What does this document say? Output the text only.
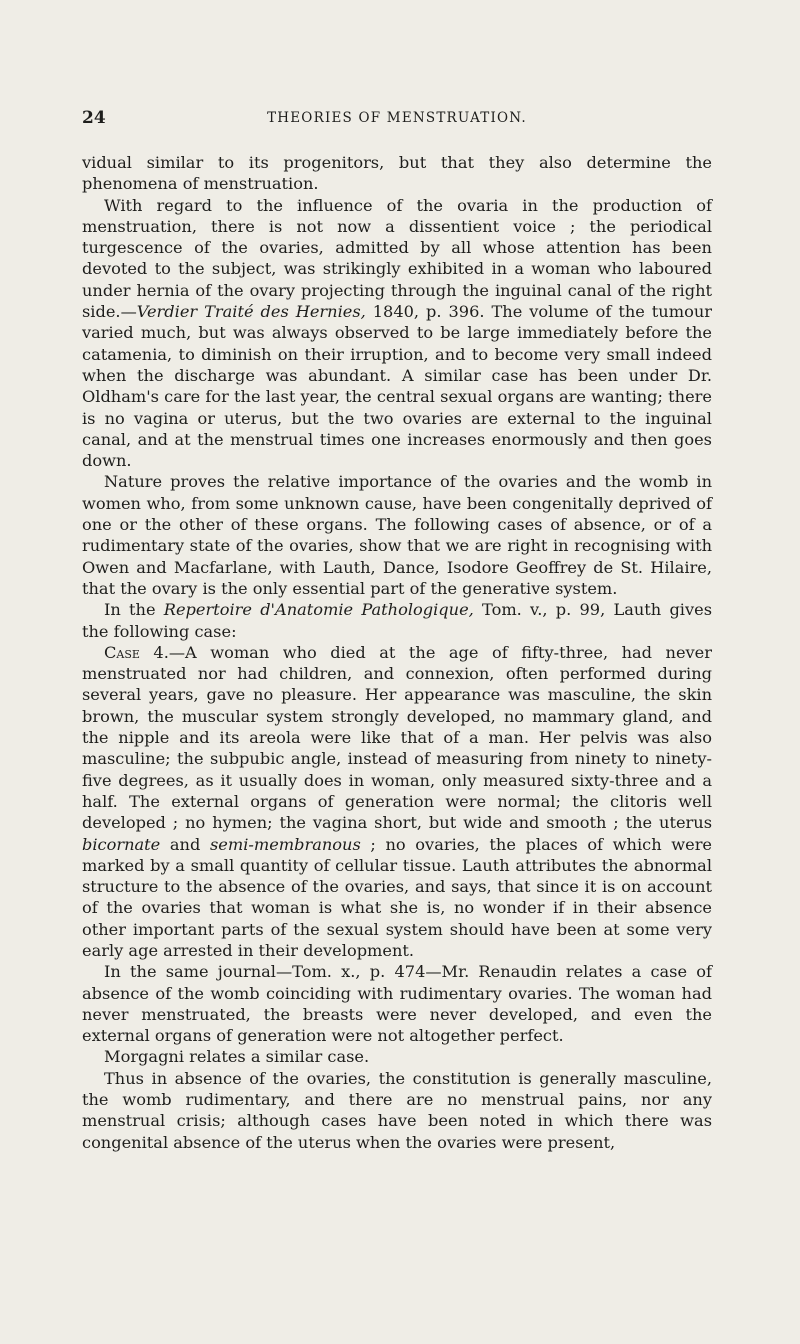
24	THEORIES OF MENSTRUATION.

vidual similar to its progenitors, but that they also determine the phenomena of menstruation.

With regard to the influence of the ovaria in the production of menstruation, there is not now a dissentient voice ; the periodical turgescence of the ovaries, admitted by all whose attention has been devoted to the subject, was strikingly exhibited in a woman who laboured under hernia of the ovary projecting through the inguinal canal of the right side.—Verdier Traité des Hernies, 1840, p. 396. The volume of the tumour varied much, but was always observed to be large immediately before the catamenia, to diminish on their irruption, and to become very small indeed when the discharge was abundant. A similar case has been under Dr. Oldham's care for the last year, the central sexual organs are wanting; there is no vagina or uterus, but the two ovaries are external to the inguinal canal, and at the menstrual times one increases enormously and then goes down.

Nature proves the relative importance of the ovaries and the womb in women who, from some unknown cause, have been congenitally deprived of one or the other of these organs. The following cases of absence, or of a rudimentary state of the ovaries, show that we are right in recognising with Owen and Macfarlane, with Lauth, Dance, Isodore Geoffrey de St. Hilaire, that the ovary is the only essential part of the generative system.

In the Repertoire d'Anatomie Pathologique, Tom. v., p. 99, Lauth gives the following case:

Case 4.—A woman who died at the age of fifty-three, had never menstruated nor had children, and connexion, often performed during several years, gave no pleasure. Her appearance was masculine, the skin brown, the muscular system strongly developed, no mammary gland, and the nipple and its areola were like that of a man. Her pelvis was also masculine; the subpubic angle, instead of measuring from ninety to ninety-five degrees, as it usually does in woman, only measured sixty-three and a half. The external organs of generation were normal; the clitoris well developed ; no hymen; the vagina short, but wide and smooth ; the uterus bicornate and semi-membranous ; no ovaries, the places of which were marked by a small quantity of cellular tissue. Lauth attributes the abnormal structure to the absence of the ovaries, and says, that since it is on account of the ovaries that woman is what she is, no wonder if in their absence other important parts of the sexual system should have been at some very early age arrested in their development.

In the same journal—Tom. x., p. 474—Mr. Renaudin relates a case of absence of the womb coinciding with rudimentary ovaries. The woman had never menstruated, the breasts were never developed, and even the external organs of generation were not altogether perfect.

Morgagni relates a similar case.

Thus in absence of the ovaries, the constitution is generally masculine, the womb rudimentary, and there are no menstrual pains, nor any menstrual crisis; although cases have been noted in which there was congenital absence of the uterus when the ovaries were present,
